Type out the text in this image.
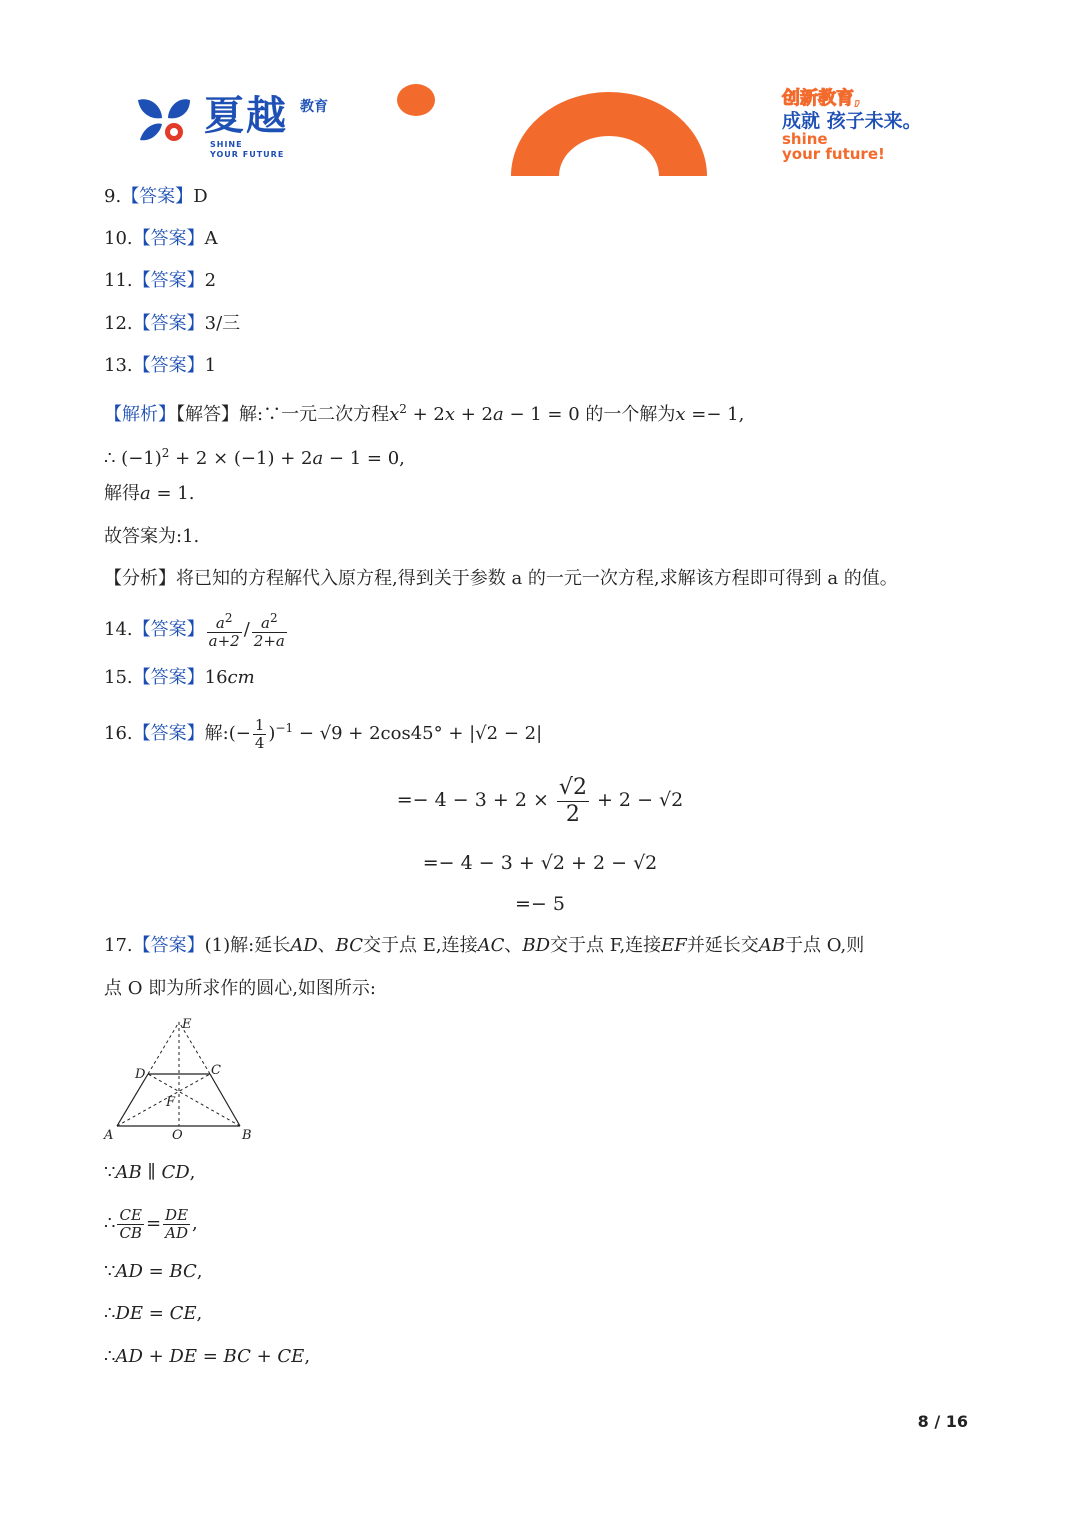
夏越 教育
SHINE
YOUR FUTURE
创新教育,
成就 孩子未来。
shine
your future!
9.【答案】D
10.【答案】A
11.【答案】2
12.【答案】3/三
13.【答案】1
【解析】【解答】解:∵一元二次方程$x^2 + 2x + 2a - 1 = 0$ 的一个解为x =− 1,
∴ $(-1)^2 + 2 \times (-1) + 2a - 1 = 0$,
解得a = 1.
故答案为:1.
【分析】将已知的方程解代入原方程,得到关于参数 a 的一元一次方程,求解该方程即可得到 a 的值。
14.【答案】 $\frac{a^2}{a+2} / \frac{a^2}{2+a}$
15.【答案】16cm
16.【答案】解:(− $\frac{1}{4} )^{-1} - √9 + 2\cos 45^\circ + |√2 - 2|$
=− $4 - 3 + 2 \times \frac{√2}{2} + 2 - √2$
=− 4 − 3 + √2 + 2 − √2
=− 5
17.【答案】(1)解:延长AD、BC交于点 E,连接AC、BD交于点 F,连接EF并延长交AB于点 O,则
点 O 即为所求作的圆心,如图所示:
E
D	C
F
A	O	B
∵AB ∥ CD,
∴ $\frac{CE}{CB} = \frac{DE}{AD}$ ,
∵AD = BC,
∴DE = CE,
∴AD + DE = BC + CE,
8 / 16
